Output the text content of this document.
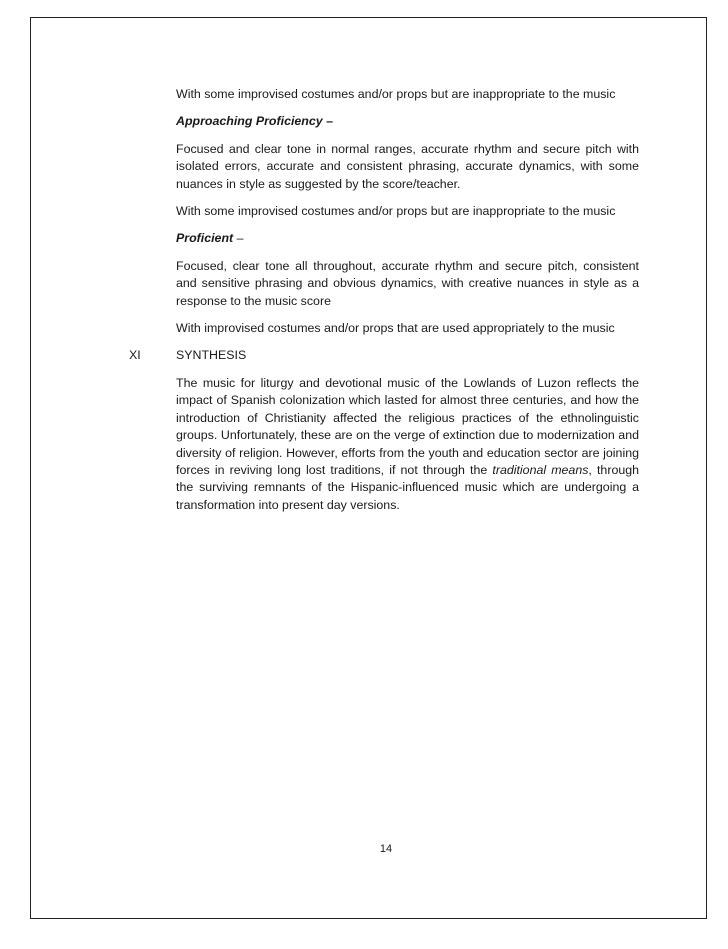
With some improvised costumes and/or props but are inappropriate to the music

Approaching Proficiency –

Focused and clear tone in normal ranges, accurate rhythm and secure pitch with isolated errors, accurate and consistent phrasing, accurate dynamics, with some nuances in style as suggested by the score/teacher.

With some improvised costumes and/or props but are inappropriate to the music

Proficient –

Focused, clear tone all throughout, accurate rhythm and secure pitch, consistent and sensitive phrasing and obvious dynamics, with creative nuances in style as a response to the music score

With improvised costumes and/or props that are used appropriately to the music

XI	SYNTHESIS

The music for liturgy and devotional music of the Lowlands of Luzon reflects the impact of Spanish colonization which lasted for almost three centuries, and how the introduction of Christianity affected the religious practices of the ethnolinguistic groups. Unfortunately, these are on the verge of extinction due to modernization and diversity of religion. However, efforts from the youth and education sector are joining forces in reviving long lost traditions, if not through the traditional means, through the surviving remnants of the Hispanic-influenced music which are undergoing a transformation into present day versions.

14
